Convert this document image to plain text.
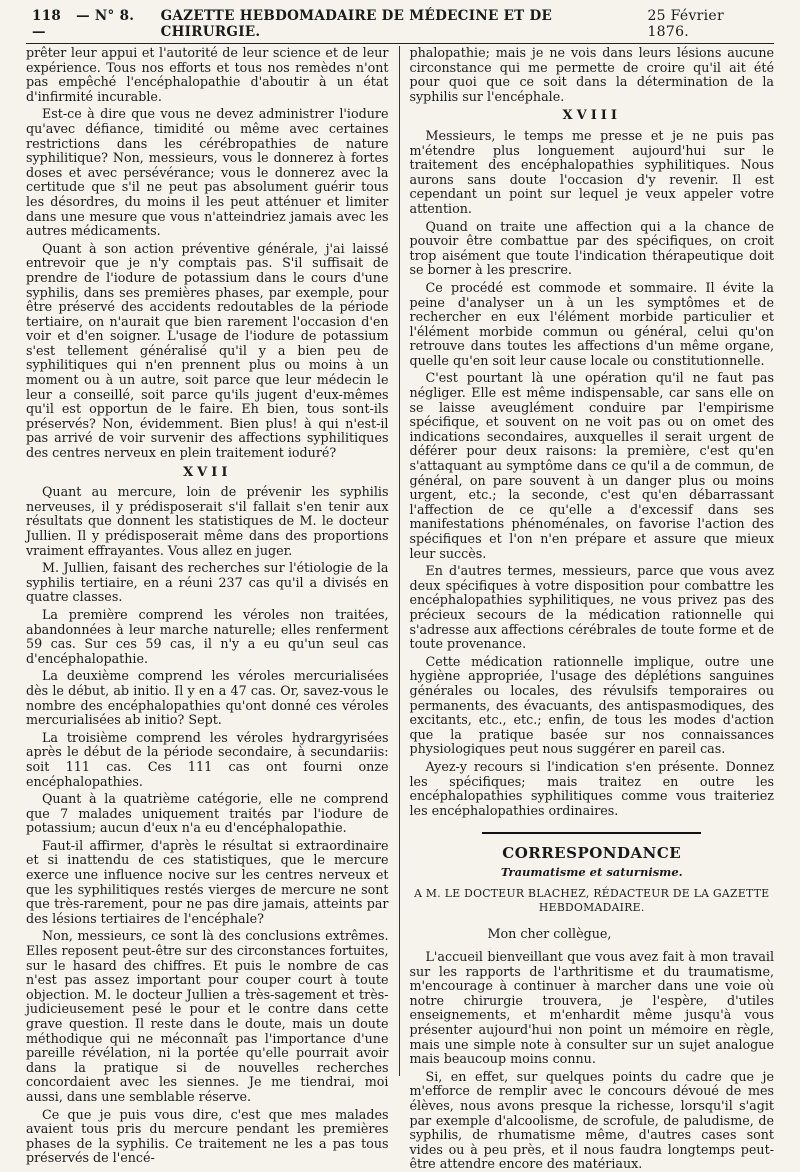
118 — N° 8. —
GAZETTE HEBDOMADAIRE DE MÉDECINE ET DE CHIRURGIE.
25 Février 1876.

prêter leur appui et l'autorité de leur science et de leur expérience. Tous nos efforts et tous nos remèdes n'ont pas empêché l'encéphalopathie d'aboutir à un état d'infirmité incurable.

Est-ce à dire que vous ne devez administrer l'iodure qu'avec défiance, timidité ou même avec certaines restrictions dans les cérébropathies de nature syphilitique? Non, messieurs, vous le donnerez à fortes doses et avec persévérance; vous le donnerez avec la certitude que s'il ne peut pas absolument guérir tous les désordres, du moins il les peut atténuer et limiter dans une mesure que vous n'atteindriez jamais avec les autres médicaments.

Quant à son action préventive générale, j'ai laissé entrevoir que je n'y comptais pas. S'il suffisait de prendre de l'iodure de potassium dans le cours d'une syphilis, dans ses premières phases, par exemple, pour être préservé des accidents redoutables de la période tertiaire, on n'aurait que bien rarement l'occasion d'en voir et d'en soigner. L'usage de l'iodure de potassium s'est tellement généralisé qu'il y a bien peu de syphilitiques qui n'en prennent plus ou moins à un moment ou à un autre, soit parce que leur médecin le leur a conseillé, soit parce qu'ils jugent d'eux-mêmes qu'il est opportun de le faire. Eh bien, tous sont-ils préservés? Non, évidemment. Bien plus! à qui n'est-il pas arrivé de voir survenir des affections syphilitiques des centres nerveux en plein traitement ioduré?

XVII

Quant au mercure, loin de prévenir les syphilis nerveuses, il y prédisposerait s'il fallait s'en tenir aux résultats que donnent les statistiques de M. le docteur Jullien. Il y prédisposerait même dans des proportions vraiment effrayantes. Vous allez en juger.

M. Jullien, faisant des recherches sur l'étiologie de la syphilis tertiaire, en a réuni 237 cas qu'il a divisés en quatre classes.

La première comprend les véroles non traitées, abandonnées à leur marche naturelle; elles renferment 59 cas. Sur ces 59 cas, il n'y a eu qu'un seul cas d'encéphalopathie.

La deuxième comprend les véroles mercurialisées dès le début, ab initio. Il y en a 47 cas. Or, savez-vous le nombre des encéphalopathies qu'ont donné ces véroles mercurialisées ab initio? Sept.

La troisième comprend les véroles hydrargyrisées après le début de la période secondaire, à secundariis: soit 111 cas. Ces 111 cas ont fourni onze encéphalopathies.

Quant à la quatrième catégorie, elle ne comprend que 7 malades uniquement traités par l'iodure de potassium; aucun d'eux n'a eu d'encéphalopathie.

Faut-il affirmer, d'après le résultat si extraordinaire et si inattendu de ces statistiques, que le mercure exerce une influence nocive sur les centres nerveux et que les syphilitiques restés vierges de mercure ne sont que très-rarement, pour ne pas dire jamais, atteints par des lésions tertiaires de l'encéphale?

Non, messieurs, ce sont là des conclusions extrêmes. Elles reposent peut-être sur des circonstances fortuites, sur le hasard des chiffres. Et puis le nombre de cas n'est pas assez important pour couper court à toute objection. M. le docteur Jullien a très-sagement et très-judicieusement pesé le pour et le contre dans cette grave question. Il reste dans le doute, mais un doute méthodique qui ne méconnaît pas l'importance d'une pareille révélation, ni la portée qu'elle pourrait avoir dans la pratique si de nouvelles recherches concordaient avec les siennes. Je me tiendrai, moi aussi, dans une semblable réserve.

Ce que je puis vous dire, c'est que mes malades avaient tous pris du mercure pendant les premières phases de la syphilis. Ce traitement ne les a pas tous préservés de l'encé-

phalopathie; mais je ne vois dans leurs lésions aucune circonstance qui me permette de croire qu'il ait été pour quoi que ce soit dans la détermination de la syphilis sur l'encéphale.

XVIII

Messieurs, le temps me presse et je ne puis pas m'étendre plus longuement aujourd'hui sur le traitement des encéphalopathies syphilitiques. Nous aurons sans doute l'occasion d'y revenir. Il est cependant un point sur lequel je veux appeler votre attention.

Quand on traite une affection qui a la chance de pouvoir être combattue par des spécifiques, on croit trop aisément que toute l'indication thérapeutique doit se borner à les prescrire.

Ce procédé est commode et sommaire. Il évite la peine d'analyser un à un les symptômes et de rechercher en eux l'élément morbide particulier et l'élément morbide commun ou général, celui qu'on retrouve dans toutes les affections d'un même organe, quelle qu'en soit leur cause locale ou constitutionnelle.

C'est pourtant là une opération qu'il ne faut pas négliger. Elle est même indispensable, car sans elle on se laisse aveuglément conduire par l'empirisme spécifique, et souvent on ne voit pas ou on omet des indications secondaires, auxquelles il serait urgent de déférer pour deux raisons: la première, c'est qu'en s'attaquant au symptôme dans ce qu'il a de commun, de général, on pare souvent à un danger plus ou moins urgent, etc.; la seconde, c'est qu'en débarrassant l'affection de ce qu'elle a d'excessif dans ses manifestations phénoménales, on favorise l'action des spécifiques et l'on n'en prépare et assure que mieux leur succès.

En d'autres termes, messieurs, parce que vous avez deux spécifiques à votre disposition pour combattre les encéphalopathies syphilitiques, ne vous privez pas des précieux secours de la médication rationnelle qui s'adresse aux affections cérébrales de toute forme et de toute provenance.

Cette médication rationnelle implique, outre une hygiène appropriée, l'usage des déplétions sanguines générales ou locales, des révulsifs temporaires ou permanents, des évacuants, des antispasmodiques, des excitants, etc., etc.; enfin, de tous les modes d'action que la pratique basée sur nos connaissances physiologiques peut nous suggérer en pareil cas.

Ayez-y recours si l'indication s'en présente. Donnez les spécifiques; mais traitez en outre les encéphalopathies syphilitiques comme vous traiteriez les encéphalopathies ordinaires.

CORRESPONDANCE
Traumatisme et saturnisme.
A M. LE DOCTEUR BLACHEZ, RÉDACTEUR DE LA GAZETTE HEBDOMADAIRE.

Mon cher collègue,

L'accueil bienveillant que vous avez fait à mon travail sur les rapports de l'arthritisme et du traumatisme, m'encourage à continuer à marcher dans une voie où notre chirurgie trouvera, je l'espère, d'utiles enseignements, et m'enhardit même jusqu'à vous présenter aujourd'hui non point un mémoire en règle, mais une simple note à consulter sur un sujet analogue mais beaucoup moins connu.

Si, en effet, sur quelques points du cadre que je m'efforce de remplir avec le concours dévoué de mes élèves, nous avons presque la richesse, lorsqu'il s'agit par exemple d'alcoolisme, de scrofule, de paludisme, de syphilis, de rhumatisme même, d'autres cases sont vides ou à peu près, et il nous faudra longtemps peut-être attendre encore des matériaux.
